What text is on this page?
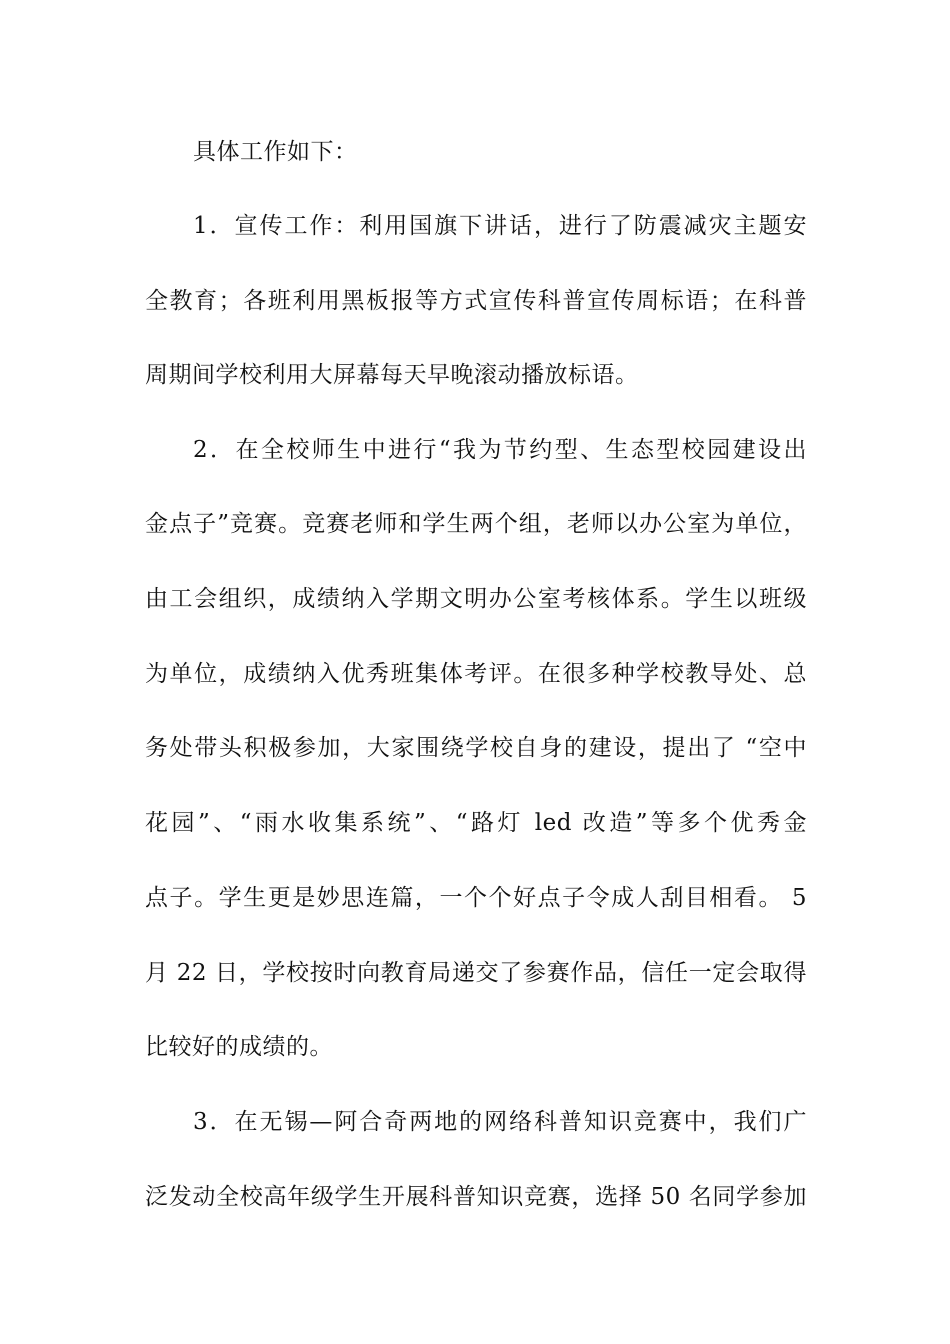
具体工作如下：
1．宣传工作：利用国旗下讲话，进行了防震减灾主题安
全教育；各班利用黑板报等方式宣传科普宣传周标语；在科普
周期间学校利用大屏幕每天早晚滚动播放标语。
2．在全校师生中进行“我为节约型、生态型校园建设出
金点子”竞赛。竞赛老师和学生两个组，老师以办公室为单位，
由工会组织，成绩纳入学期文明办公室考核体系。学生以班级
为单位，成绩纳入优秀班集体考评。在很多种学校教导处、总
务处带头积极参加，大家围绕学校自身的建设，提出了 “空中
花园”、“雨水收集系统”、“路灯 led 改造”等多个优秀金
点子。学生更是妙思连篇，一个个好点子令成人刮目相看。 5
月 22 日，学校按时向教育局递交了参赛作品，信任一定会取得
比较好的成绩的。
3．在无锡—阿合奇两地的网络科普知识竞赛中，我们广
泛发动全校高年级学生开展科普知识竞赛，选择 50 名同学参加
